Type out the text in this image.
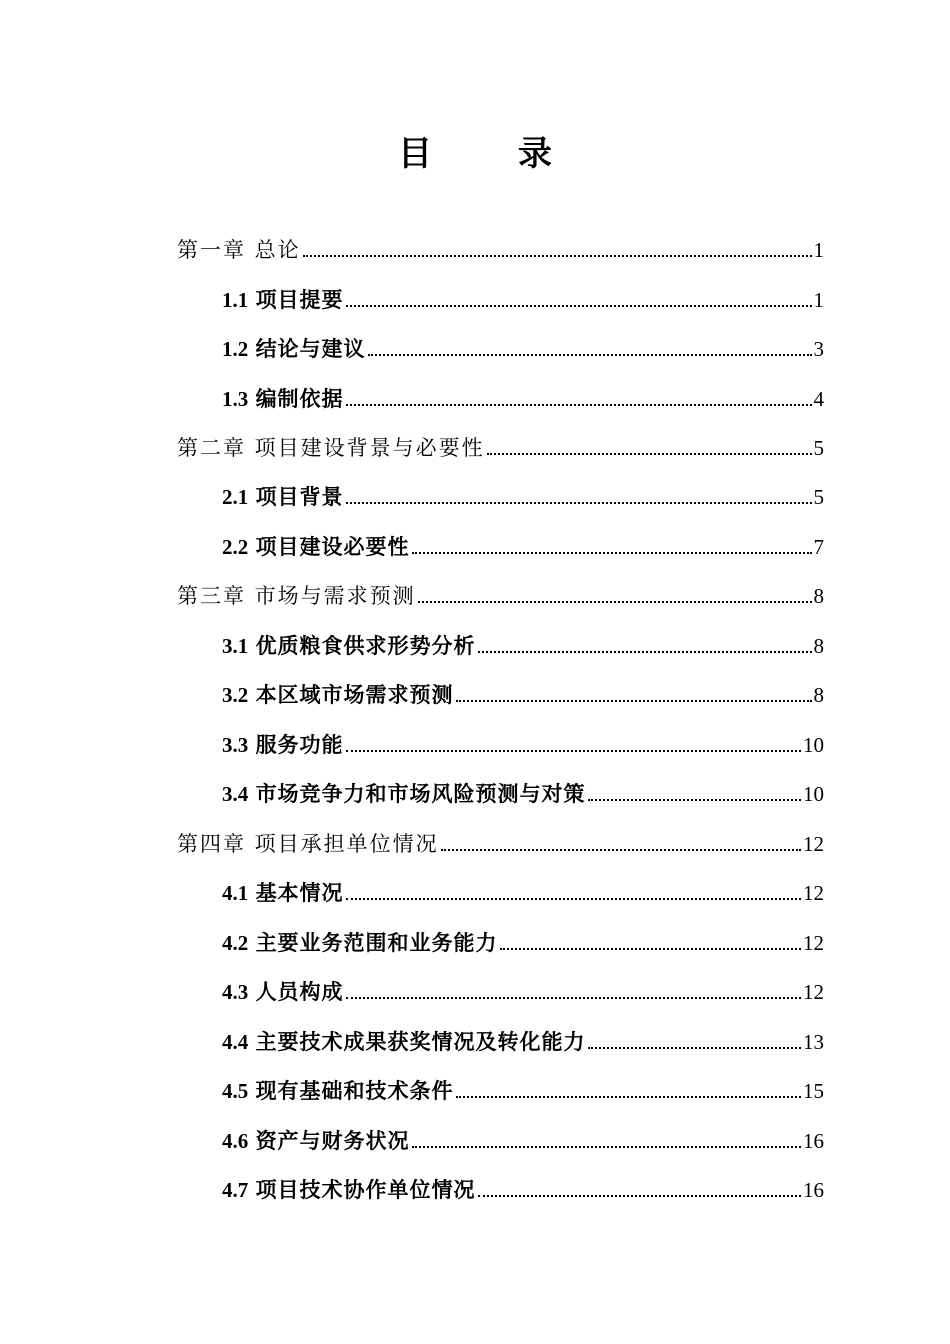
目录
第一章 总论	1
1.1 项目提要	1
1.2 结论与建议	3
1.3 编制依据	4
第二章 项目建设背景与必要性	5
2.1 项目背景	5
2.2 项目建设必要性	7
第三章 市场与需求预测	8
3.1 优质粮食供求形势分析	8
3.2 本区域市场需求预测	8
3.3 服务功能	10
3.4 市场竞争力和市场风险预测与对策	10
第四章 项目承担单位情况	12
4.1 基本情况	12
4.2 主要业务范围和业务能力	12
4.3 人员构成	12
4.4 主要技术成果获奖情况及转化能力	13
4.5 现有基础和技术条件	15
4.6 资产与财务状况	16
4.7 项目技术协作单位情况	16
